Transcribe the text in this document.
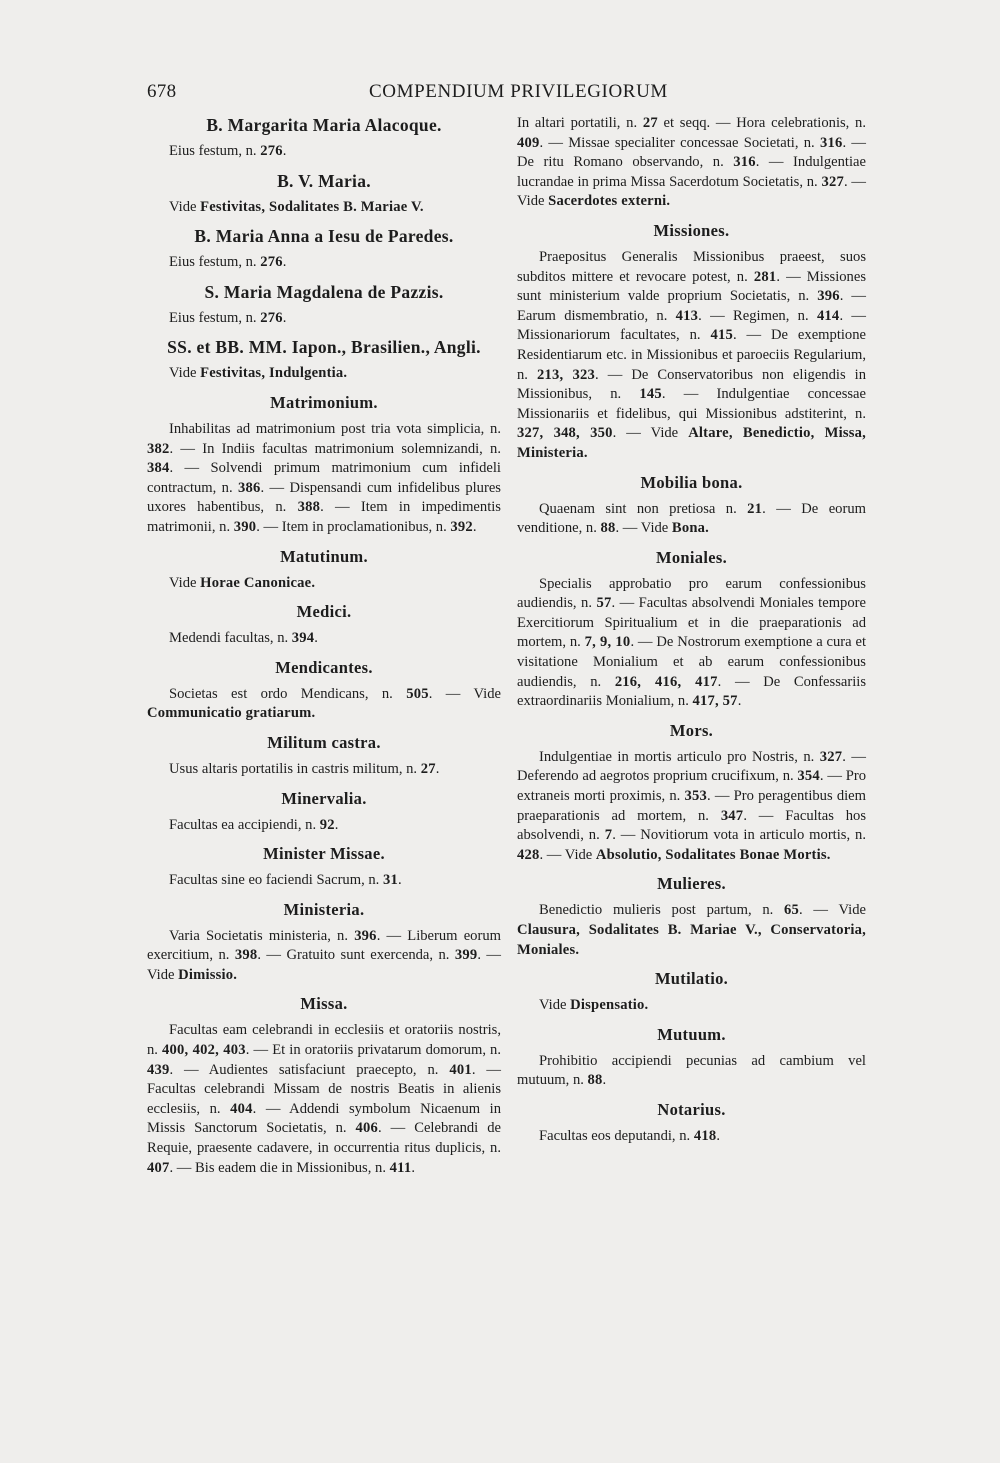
678	COMPENDIUM PRIVILEGIORUM
B. Margarita Maria Alacoque.
Eius festum, n. 276.
B. V. Maria.
Vide Festivitas, Sodalitates B. Mariae V.
B. Maria Anna a Iesu de Paredes.
Eius festum, n. 276.
S. Maria Magdalena de Pazzis.
Eius festum, n. 276.
SS. et BB. MM. Iapon., Brasilien., Angli.
Vide Festivitas, Indulgentia.
Matrimonium.
Inhabilitas ad matrimonium post tria vota simplicia, n. 382. — In Indiis facultas matrimonium solemnizandi, n. 384. — Solvendi primum matrimonium cum infideli contractum, n. 386. — Dispensandi cum infidelibus plures uxores habentibus, n. 388. — Item in impedimentis matrimonii, n. 390. — Item in proclamationibus, n. 392.
Matutinum.
Vide Horae Canonicae.
Medici.
Medendi facultas, n. 394.
Mendicantes.
Societas est ordo Mendicans, n. 505. — Vide Communicatio gratiarum.
Militum castra.
Usus altaris portatilis in castris militum, n. 27.
Minervalia.
Facultas ea accipiendi, n. 92.
Minister Missae.
Facultas sine eo faciendi Sacrum, n. 31.
Ministeria.
Varia Societatis ministeria, n. 396. — Liberum eorum exercitium, n. 398. — Gratuito sunt exercenda, n. 399. — Vide Dimissio.
Missa.
Facultas eam celebrandi in ecclesiis et oratoriis nostris, n. 400, 402, 403. — Et in oratoriis privatarum domorum, n. 439. — Audientes satisfaciunt praecepto, n. 401. — Facultas celebrandi Missam de nostris Beatis in alienis ecclesiis, n. 404. — Addendi symbolum Nicaenum in Missis Sanctorum Societatis, n. 406. — Celebrandi de Requie, praesente cadavere, in occurrentia ritus duplicis, n. 407. — Bis eadem die in Missionibus, n. 411.
In altari portatili, n. 27 et seqq. — Hora celebrationis, n. 409. — Missae specialiter concessae Societati, n. 316. — De ritu Romano observando, n. 316. — Indulgentiae lucrandae in prima Missa Sacerdotum Societatis, n. 327. — Vide Sacerdotes externi.
Missiones.
Praepositus Generalis Missionibus praeest, suos subditos mittere et revocare potest, n. 281. — Missiones sunt ministerium valde proprium Societatis, n. 396. — Earum dismembratio, n. 413. — Regimen, n. 414. — Missionariorum facultates, n. 415. — De exemptione Residentiarum etc. in Missionibus et paroeciis Regularium, n. 213, 323. — De Conservatoribus non eligendis in Missionibus, n. 145. — Indulgentiae concessae Missionariis et fidelibus, qui Missionibus adstiterint, n. 327, 348, 350. — Vide Altare, Benedictio, Missa, Ministeria.
Mobilia bona.
Quaenam sint non pretiosa n. 21. — De eorum venditione, n. 88. — Vide Bona.
Moniales.
Specialis approbatio pro earum confessionibus audiendis, n. 57. — Facultas absolvendi Moniales tempore Exercitiorum Spiritualium et in die praeparationis ad mortem, n. 7, 9, 10. — De Nostrorum exemptione a cura et visitatione Monialium et ab earum confessionibus audiendis, n. 216, 416, 417. — De Confessariis extraordinariis Monialium, n. 417, 57.
Mors.
Indulgentiae in mortis articulo pro Nostris, n. 327. — Deferendo ad aegrotos proprium crucifixum, n. 354. — Pro extraneis morti proximis, n. 353. — Pro peragentibus diem praeparationis ad mortem, n. 347. — Facultas hos absolvendi, n. 7. — Novitiorum vota in articulo mortis, n. 428. — Vide Absolutio, Sodalitates Bonae Mortis.
Mulieres.
Benedictio mulieris post partum, n. 65. — Vide Clausura, Sodalitates B. Mariae V., Conservatoria, Moniales.
Mutilatio.
Vide Dispensatio.
Mutuum.
Prohibitio accipiendi pecunias ad cambium vel mutuum, n. 88.
Notarius.
Facultas eos deputandi, n. 418.
